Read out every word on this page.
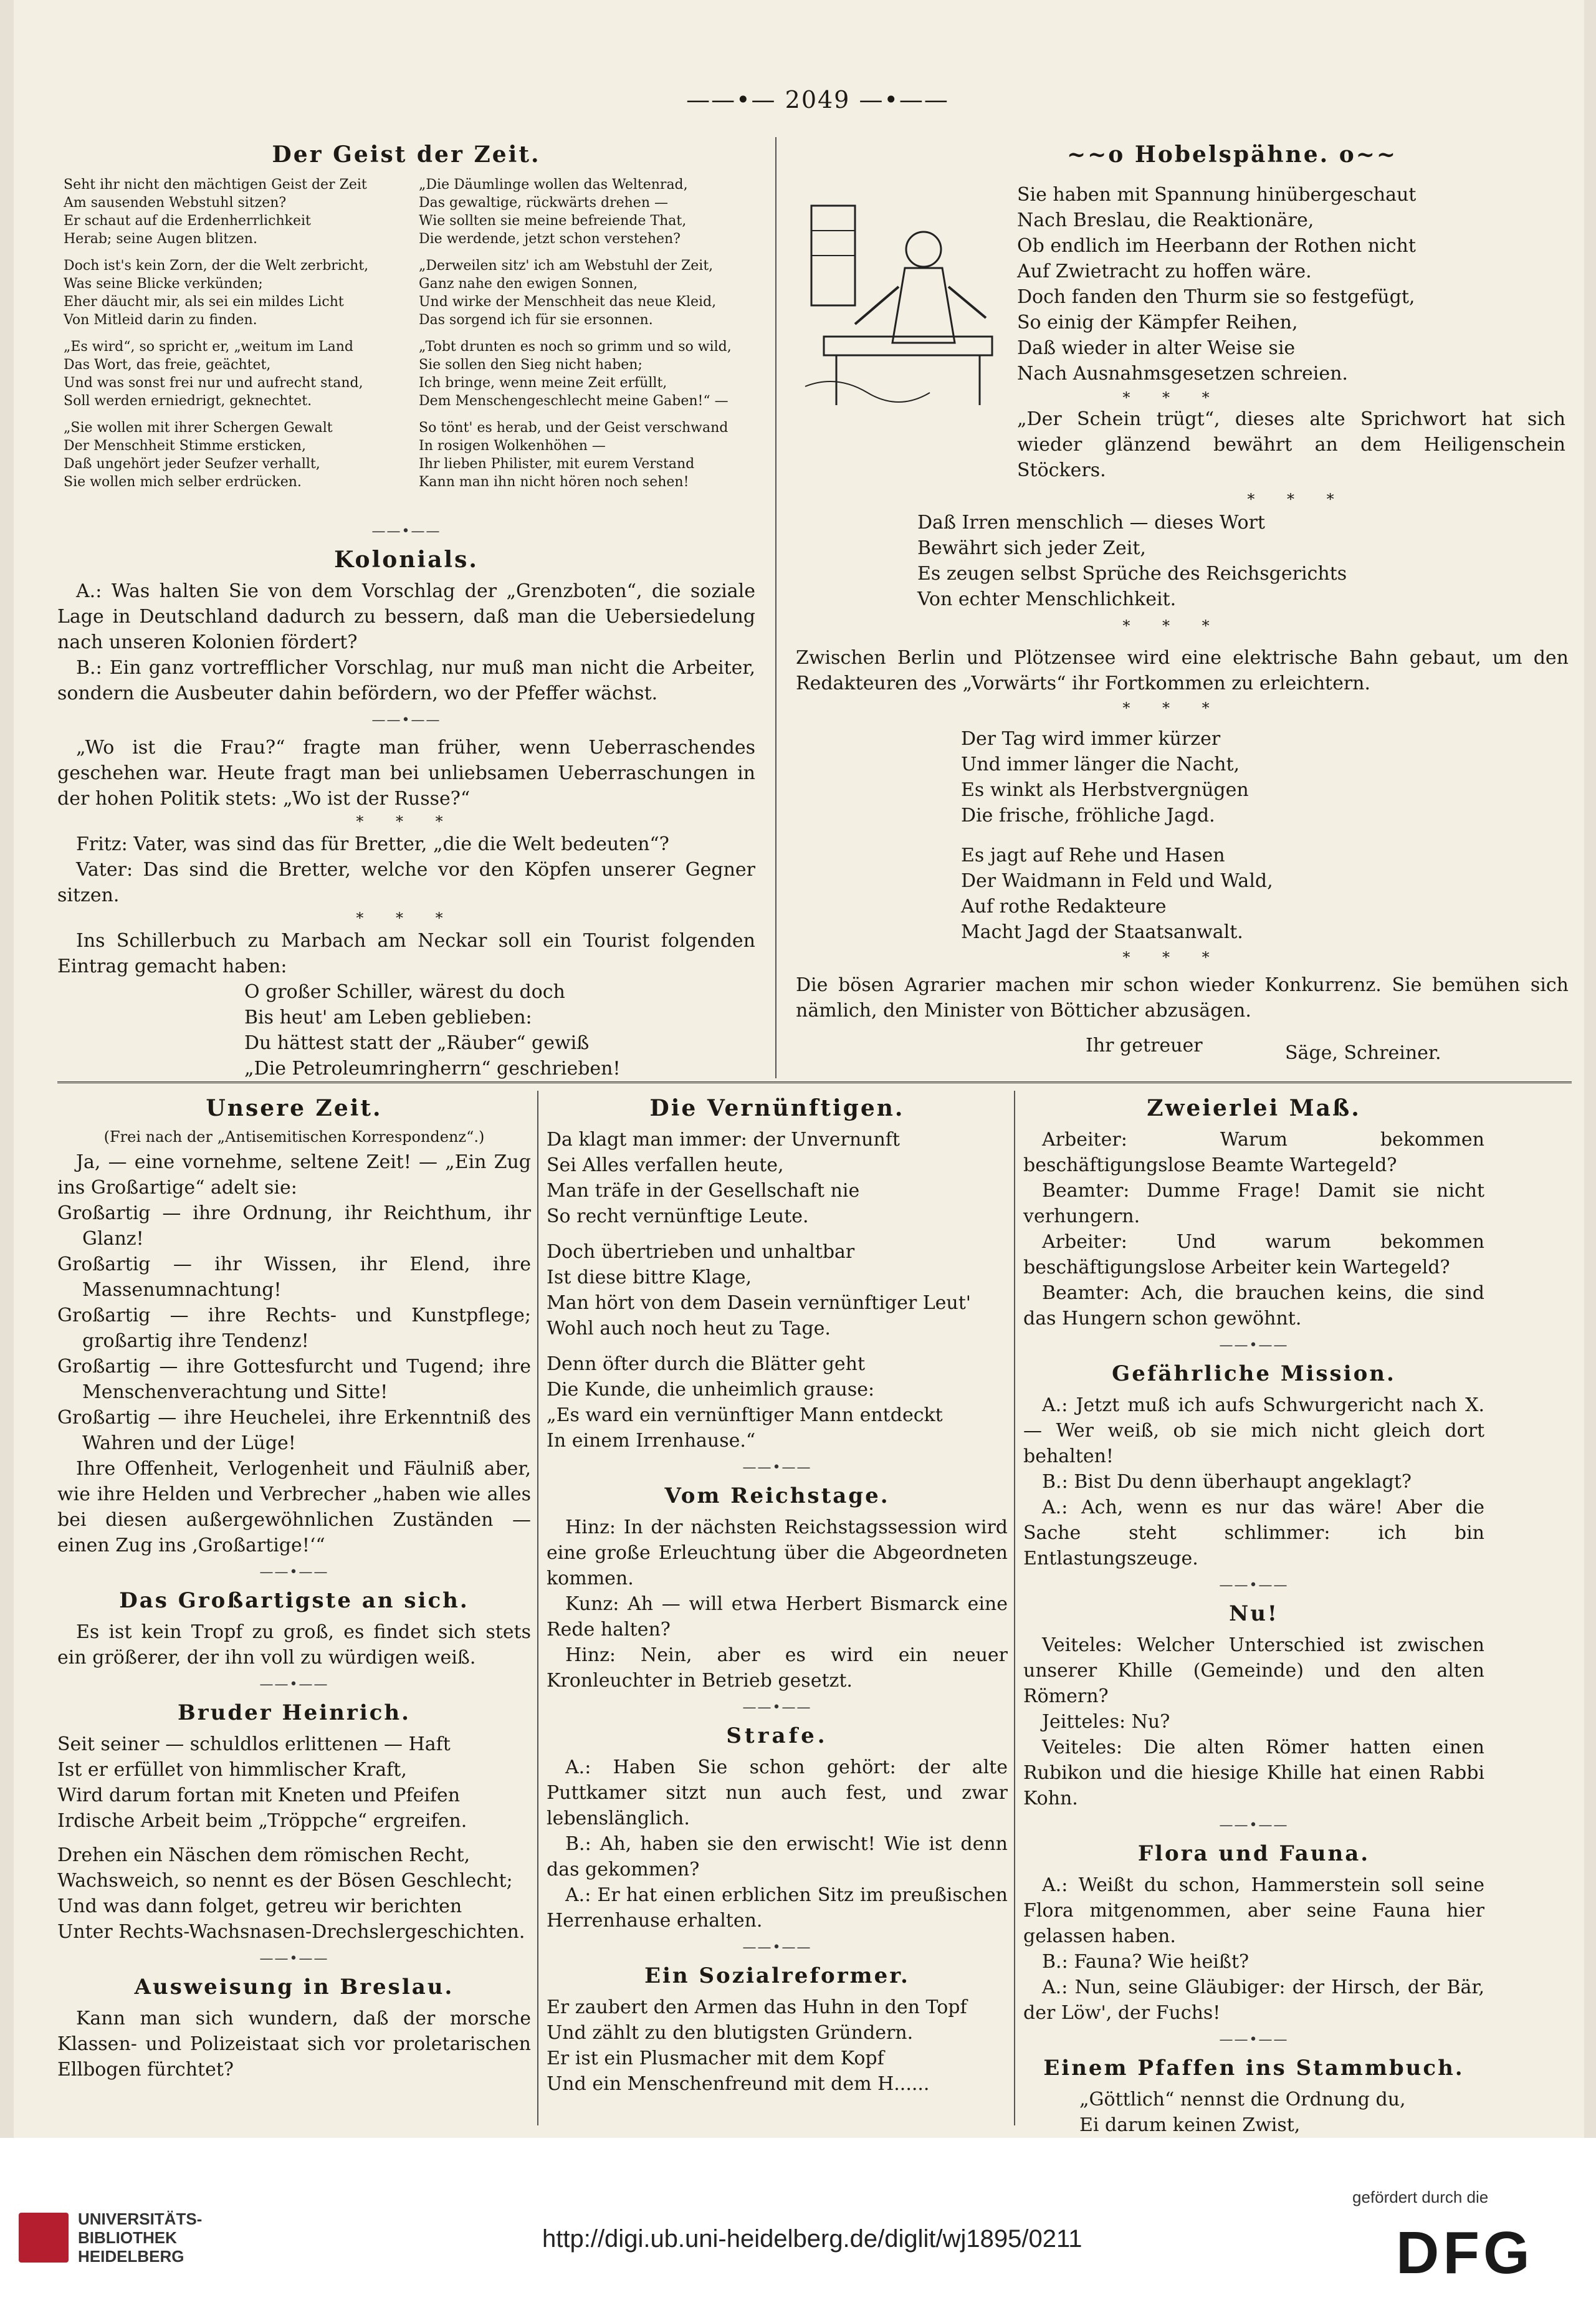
——•— 2049 —•——
Der Geist der Zeit.
Seht ihr nicht den mächtigen Geist der Zeit
Am sausenden Webstuhl sitzen?
Er schaut auf die Erdenherrlichkeit
Herab; seine Augen blitzen.
Doch ist's kein Zorn, der die Welt zerbricht,
Was seine Blicke verkünden;
Eher däucht mir, als sei ein mildes Licht
Von Mitleid darin zu finden.
„Es wird“, so spricht er, „weitum im Land
Das Wort, das freie, geächtet,
Und was sonst frei nur und aufrecht stand,
Soll werden erniedrigt, geknechtet.
„Sie wollen mit ihrer Schergen Gewalt
Der Menschheit Stimme ersticken,
Daß ungehört jeder Seufzer verhallt,
Sie wollen mich selber erdrücken.
„Die Däumlinge wollen das Weltenrad,
Das gewaltige, rückwärts drehen —
Wie sollten sie meine befreiende That,
Die werdende, jetzt schon verstehen?
„Derweilen sitz' ich am Webstuhl der Zeit,
Ganz nahe den ewigen Sonnen,
Und wirke der Menschheit das neue Kleid,
Das sorgend ich für sie ersonnen.
„Tobt drunten es noch so grimm und so wild,
Sie sollen den Sieg nicht haben;
Ich bringe, wenn meine Zeit erfüllt,
Dem Menschengeschlecht meine Gaben!“ —
So tönt' es herab, und der Geist verschwand
In rosigen Wolkenhöhen —
Ihr lieben Philister, mit eurem Verstand
Kann man ihn nicht hören noch sehen!
——•——
Kolonials.

A.: Was halten Sie von dem Vorschlag der „Grenzboten“, die soziale Lage in Deutschland dadurch zu bessern, daß man die Uebersiedelung nach unseren Kolonien fördert?

B.: Ein ganz vortrefflicher Vorschlag, nur muß man nicht die Arbeiter, sondern die Ausbeuter dahin befördern, wo der Pfeffer wächst.

——•——

„Wo ist die Frau?“ fragte man früher, wenn Ueberraschendes geschehen war. Heute fragt man bei unliebsamen Ueberraschungen in der hohen Politik stets: „Wo ist der Russe?“

* * *

Fritz: Vater, was sind das für Bretter, „die die Welt bedeuten“?

Vater: Das sind die Bretter, welche vor den Köpfen unserer Gegner sitzen.

* * *

Ins Schillerbuch zu Marbach am Neckar soll ein Tourist folgenden Eintrag gemacht haben:

O großer Schiller, wärest du doch
Bis heut' am Leben geblieben:
Du hättest statt der „Räuber“ gewiß
„Die Petroleumringherrn“ geschrieben!
~~o Hobelspähne. o~~
Sie haben mit Spannung hinübergeschaut
Nach Breslau, die Reaktionäre,
Ob endlich im Heerbann der Rothen nicht
Auf Zwietracht zu hoffen wäre.
Doch fanden den Thurm sie so festgefügt,
So einig der Kämpfer Reihen,
Daß wieder in alter Weise sie
Nach Ausnahmsgesetzen schreien.
* * *
„Der Schein trügt“, dieses alte Sprichwort hat sich wieder glänzend bewährt an dem Heiligenschein Stöckers.
* * *
Daß Irren menschlich — dieses Wort
Bewährt sich jeder Zeit,
Es zeugen selbst Sprüche des Reichsgerichts
Von echter Menschlichkeit.
* * *
Zwischen Berlin und Plötzensee wird eine elektrische Bahn gebaut, um den Redakteuren des „Vorwärts“ ihr Fortkommen zu erleichtern.
* * *
Der Tag wird immer kürzer
Und immer länger die Nacht,
Es winkt als Herbstvergnügen
Die frische, fröhliche Jagd.
Es jagt auf Rehe und Hasen
Der Waidmann in Feld und Wald,
Auf rothe Redakteure
Macht Jagd der Staatsanwalt.
* * *
Die bösen Agrarier machen mir schon wieder Konkurrenz. Sie bemühen sich nämlich, den Minister von Bötticher abzusägen.
Ihr getreuer	Säge, Schreiner.
Unsere Zeit.
(Frei nach der „Antisemitischen Korrespondenz“.)

Ja, — eine vornehme, seltene Zeit! — „Ein Zug ins Großartige“ adelt sie:

Großartig — ihre Ordnung, ihr Reichthum, ihr Glanz!
Großartig — ihr Wissen, ihr Elend, ihre Massenumnachtung!
Großartig — ihre Rechts- und Kunstpflege; großartig ihre Tendenz!
Großartig — ihre Gottesfurcht und Tugend; ihre Menschenverachtung und Sitte!
Großartig — ihre Heuchelei, ihre Erkenntniß des Wahren und der Lüge!

Ihre Offenheit, Verlogenheit und Fäulniß aber, wie ihre Helden und Verbrecher „haben wie alles bei diesen außergewöhnlichen Zuständen — einen Zug ins ‚Großartige!‘“

——•——
Das Großartigste an sich.

Es ist kein Tropf zu groß, es findet sich stets ein größerer, der ihn voll zu würdigen weiß.

——•——
Bruder Heinrich.
Seit seiner — schuldlos erlittenen — Haft
Ist er erfüllet von himmlischer Kraft,
Wird darum fortan mit Kneten und Pfeifen
Irdische Arbeit beim „Tröppche“ ergreifen.
Drehen ein Näschen dem römischen Recht,
Wachsweich, so nennt es der Bösen Geschlecht;
Und was dann folget, getreu wir berichten
Unter Rechts-Wachsnasen-Drechslergeschichten.
——•——
Ausweisung in Breslau.

Kann man sich wundern, daß der morsche Klassen- und Polizeistaat sich vor proletarischen Ellbogen fürchtet?

Die Vernünftigen.
Da klagt man immer: der Unvernunft
Sei Alles verfallen heute,
Man träfe in der Gesellschaft nie
So recht vernünftige Leute.
Doch übertrieben und unhaltbar
Ist diese bittre Klage,
Man hört von dem Dasein vernünftiger Leut'
Wohl auch noch heut zu Tage.
Denn öfter durch die Blätter geht
Die Kunde, die unheimlich grause:
„Es ward ein vernünftiger Mann entdeckt
In einem Irrenhause.“
——•——
Vom Reichstage.

Hinz: In der nächsten Reichstagssession wird eine große Erleuchtung über die Abgeordneten kommen.

Kunz: Ah — will etwa Herbert Bismarck eine Rede halten?

Hinz: Nein, aber es wird ein neuer Kronleuchter in Betrieb gesetzt.

——•——
Strafe.

A.: Haben Sie schon gehört: der alte Puttkamer sitzt nun auch fest, und zwar lebenslänglich.

B.: Ah, haben sie den erwischt! Wie ist denn das gekommen?

A.: Er hat einen erblichen Sitz im preußischen Herrenhause erhalten.

——•——
Ein Sozialreformer.
Er zaubert den Armen das Huhn in den Topf
Und zählt zu den blutigsten Gründern.
Er ist ein Plusmacher mit dem Kopf
Und ein Menschenfreund mit dem H......
Zweierlei Maß.

Arbeiter: Warum bekommen beschäftigungslose Beamte Wartegeld?

Beamter: Dumme Frage! Damit sie nicht verhungern.

Arbeiter: Und warum bekommen beschäftigungslose Arbeiter kein Wartegeld?

Beamter: Ach, die brauchen keins, die sind das Hungern schon gewöhnt.

——•——
Gefährliche Mission.

A.: Jetzt muß ich aufs Schwurgericht nach X. — Wer weiß, ob sie mich nicht gleich dort behalten!

B.: Bist Du denn überhaupt angeklagt?

A.: Ach, wenn es nur das wäre! Aber die Sache steht schlimmer: ich bin Entlastungszeuge.

——•——
Nu!

Veiteles: Welcher Unterschied ist zwischen unserer Khille (Gemeinde) und den alten Römern?

Jeitteles: Nu?

Veiteles: Die alten Römer hatten einen Rubikon und die hiesige Khille hat einen Rabbi Kohn.

——•——
Flora und Fauna.

A.: Weißt du schon, Hammerstein soll seine Flora mitgenommen, aber seine Fauna hier gelassen haben.

B.: Fauna? Wie heißt?

A.: Nun, seine Gläubiger: der Hirsch, der Bär, der Löw', der Fuchs!

——•——
Einem Pfaffen ins Stammbuch.
„Göttlich“ nennst die Ordnung du,
Ei darum keinen Zwist,
UNIVERSITÄTS-
BIBLIOTHEK
HEIDELBERG
http://digi.ub.uni-heidelberg.de/diglit/wj1895/0211
gefördert durch die
DFG
